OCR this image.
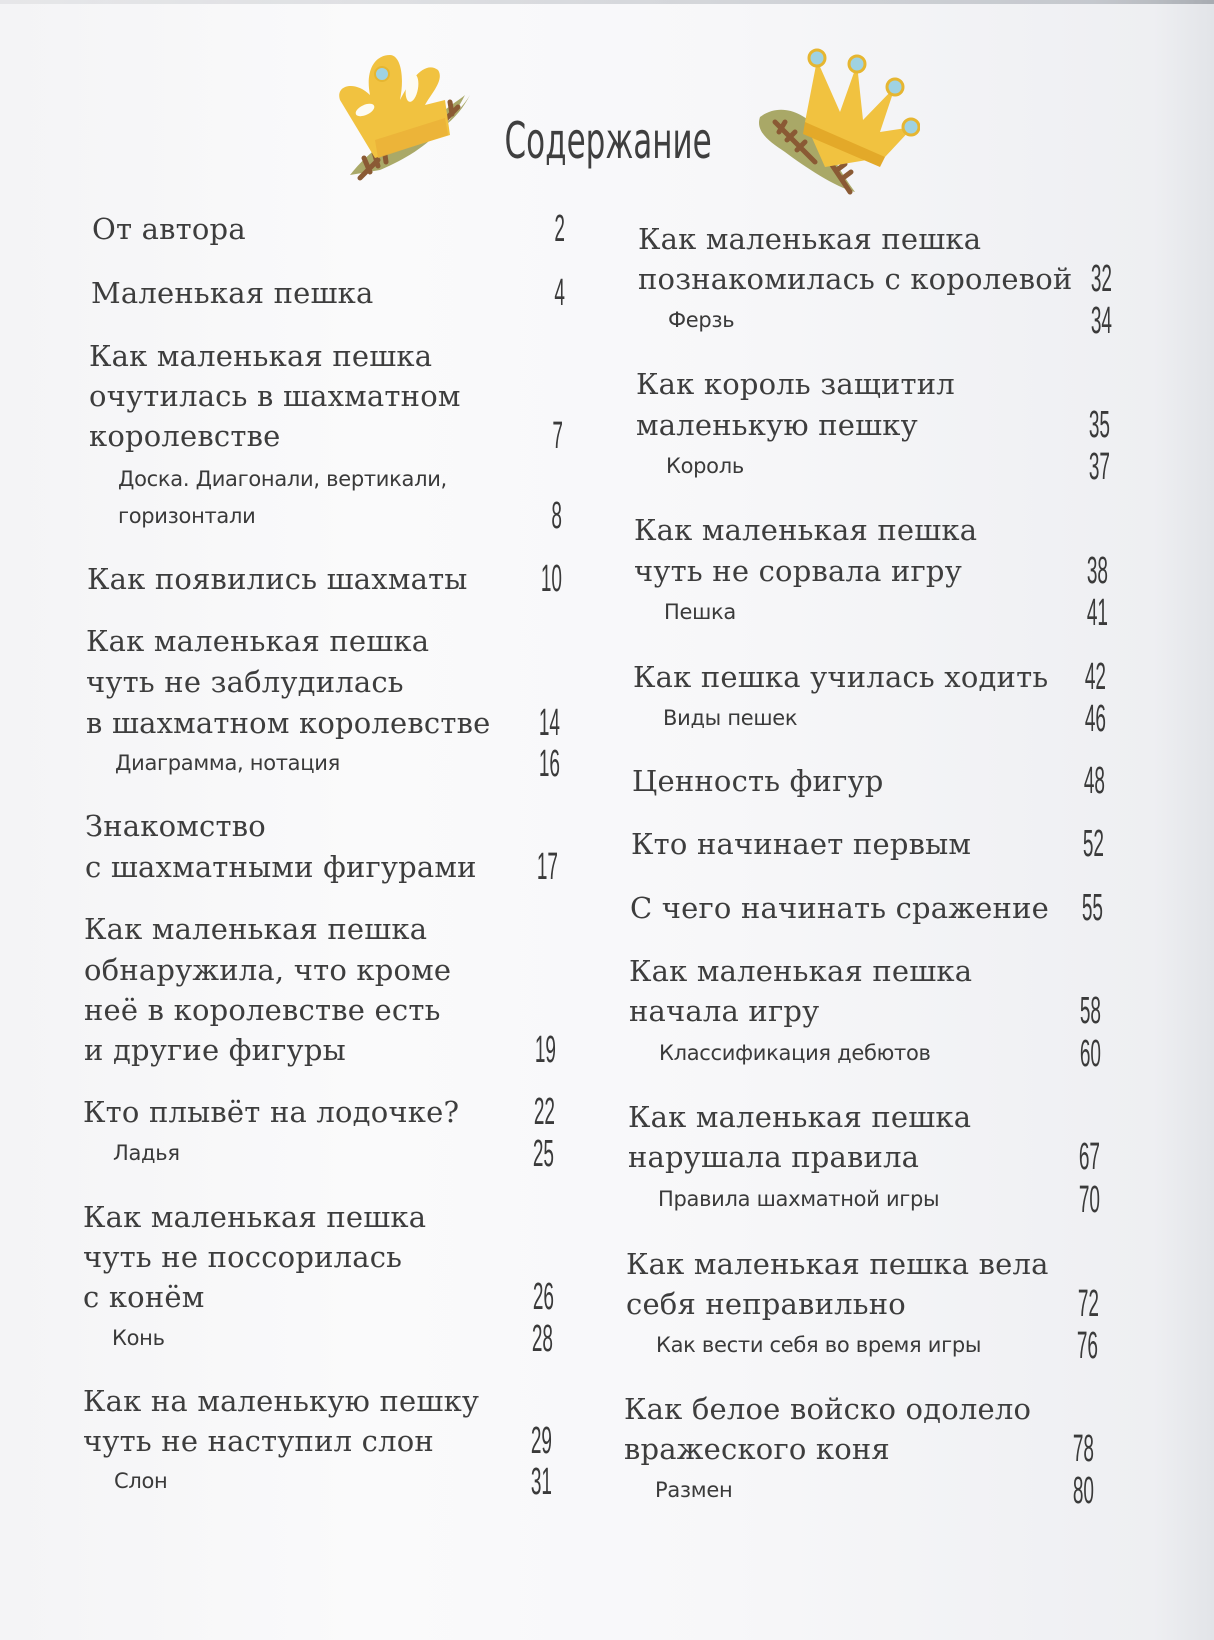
Содержание
От автора	2
Маленькая пешка	4
Как маленькая пешка
очутилась в шахматном
королевстве	7
Доска. Диагонали, вертикали,
горизонтали	8
Как появились шахматы 10
Как маленькая пешка
чуть не заблудилась
в шахматном королевстве 14
Диаграмма, нотация	16
Знакомство
с шахматными фигурами 17
Как маленькая пешка
обнаружила, что кроме
неё в королевстве есть
и другие фигуры	19
Кто плывёт на лодочке? 22
Ладья	25
Как маленькая пешка
чуть не поссорилась
с конём	26
Конь	28
Как на маленькую пешку
чуть не наступил слон	29
Слон	31
Как маленькая пешка
познакомилась с королевой 32
Ферзь	34
Как король защитил
маленькую пешку	35
Король	37
Как маленькая пешка
чуть не сорвала игру	38
Пешка	41
Как пешка училась ходить 42
Виды пешек	46
Ценность фигур	48
Кто начинает первым	52
С чего начинать сражение 55
Как маленькая пешка
начала игру	58
Классификация дебютов	60
Как маленькая пешка
нарушала правила	67
Правила шахматной игры	70
Как маленькая пешка вела
себя неправильно	72
Как вести себя во время игры	76
Как белое войско одолело
вражеского коня	78
Размен	80
